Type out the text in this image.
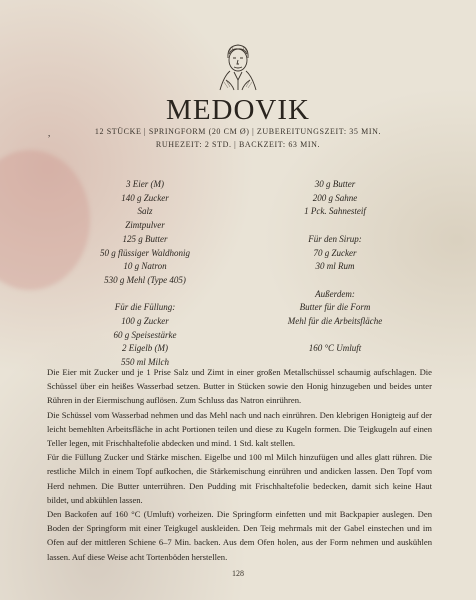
MEDOVIK
,	12 STÜCKE | SPRINGFORM (20 CM Ø) | ZUBEREITUNGSZEIT: 35 MIN.
RUHEZEIT: 2 STD. | BACKZEIT: 63 MIN.
3 Eier (M)
140 g Zucker
Salz
Zimtpulver
125 g Butter
50 g flüssiger Waldhonig
10 g Natron
530 g Mehl (Type 405)
Für die Füllung:
100 g Zucker
60 g Speisestärke
2 Eigelb (M)
550 ml Milch
30 g Butter
200 g Sahne
1 Pck. Sahnesteif
Für den Sirup:
70 g Zucker
30 ml Rum
Außerdem:
Butter für die Form
Mehl für die Arbeitsfläche
160 °C Umluft

Die Eier mit Zucker und je 1 Prise Salz und Zimt in einer großen Metallschüssel schaumig aufschlagen. Die Schüssel über ein heißes Wasserbad setzen. Butter in Stücken sowie den Honig hinzugeben und beides unter Rühren in der Eiermischung auflösen. Zum Schluss das Natron einrühren.

Die Schüssel vom Wasserbad nehmen und das Mehl nach und nach einrühren. Den klebrigen Honigteig auf der leicht bemehlten Arbeitsfläche in acht Portionen teilen und diese zu Kugeln formen. Die Teigkugeln auf einen Teller legen, mit Frischhaltefolie abdecken und mind. 1 Std. kalt stellen.

Für die Füllung Zucker und Stärke mischen. Eigelbe und 100 ml Milch hinzufügen und alles glatt rühren. Die restliche Milch in einem Topf aufkochen, die Stärkemischung einrühren und andicken lassen. Den Topf vom Herd nehmen. Die Butter unterrühren. Den Pudding mit Frischhaltefolie bedecken, damit sich keine Haut bildet, und abkühlen lassen.

Den Backofen auf 160 °C (Umluft) vorheizen. Die Springform einfetten und mit Backpapier auslegen. Den Boden der Springform mit einer Teigkugel auskleiden. Den Teig mehrmals mit der Gabel einstechen und im Ofen auf der mittleren Schiene 6–7 Min. backen. Aus dem Ofen holen, aus der Form nehmen und auskühlen lassen. Auf diese Weise acht Tortenböden herstellen.

128
